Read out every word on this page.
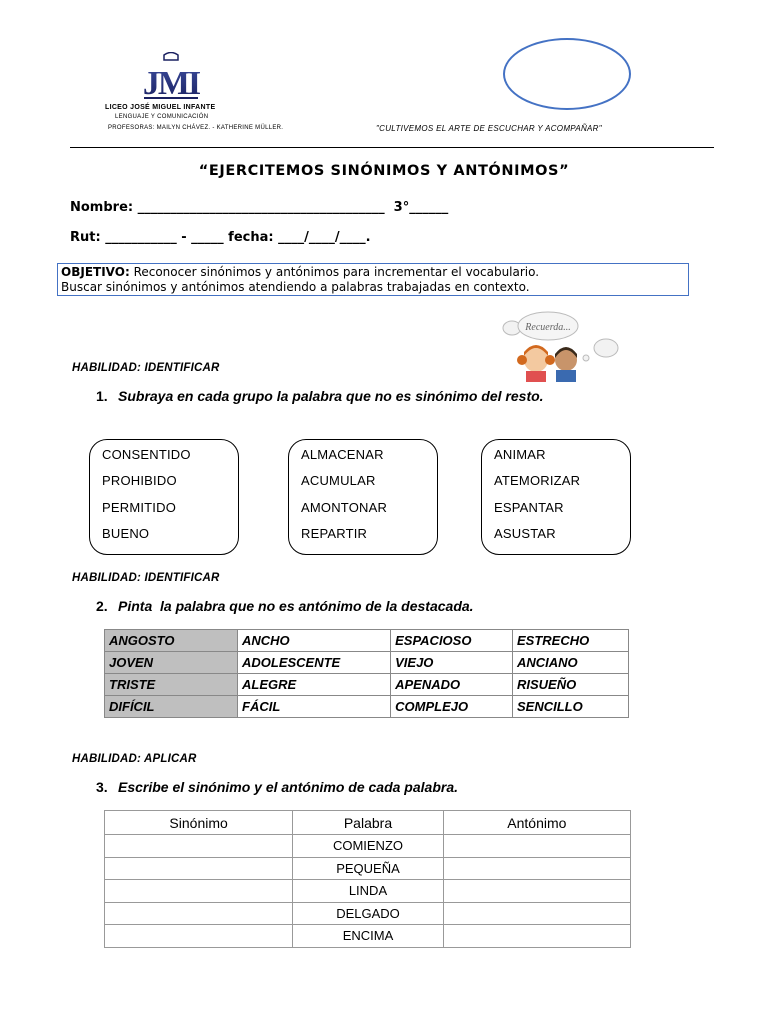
JMI
LICEO JOSÉ MIGUEL INFANTE
LENGUAJE Y COMUNICACIÓN
PROFESORAS: MAILYN CHÁVEZ. - KATHERINE MÜLLER.	"CULTIVEMOS EL ARTE DE ESCUCHAR Y ACOMPAÑAR"
“EJERCITEMOS SINÓNIMOS Y ANTÓNIMOS”
Nombre: ______________________________________  3°______
Rut: ___________ - _____ fecha: ____/____/____.
OBJETIVO: Reconocer sinónimos y antónimos para incrementar el vocabulario.
Buscar sinónimos y antónimos atendiendo a palabras trabajadas en contexto.
Recuerda...
HABILIDAD: IDENTIFICAR
1. Subraya en cada grupo la palabra que no es sinónimo del resto.
CONSENTIDO
PROHIBIDO
PERMITIDO
BUENO
ALMACENAR
ACUMULAR
AMONTONAR
REPARTIR
ANIMAR
ATEMORIZAR
ESPANTAR
ASUSTAR
HABILIDAD: IDENTIFICAR
2. Pinta  la palabra que no es antónimo de la destacada.
ANGOSTO	ANCHO	ESPACIOSO	ESTRECHO
JOVEN	ADOLESCENTE	VIEJO	ANCIANO
TRISTE	ALEGRE	APENADO	RISUEÑO
DIFÍCIL	FÁCIL	COMPLEJO	SENCILLO
HABILIDAD: APLICAR
3. Escribe el sinónimo y el antónimo de cada palabra.
Sinónimo	Palabra	Antónimo
	COMIENZO	
	PEQUEÑA	
	LINDA	
	DELGADO	
	ENCIMA	
